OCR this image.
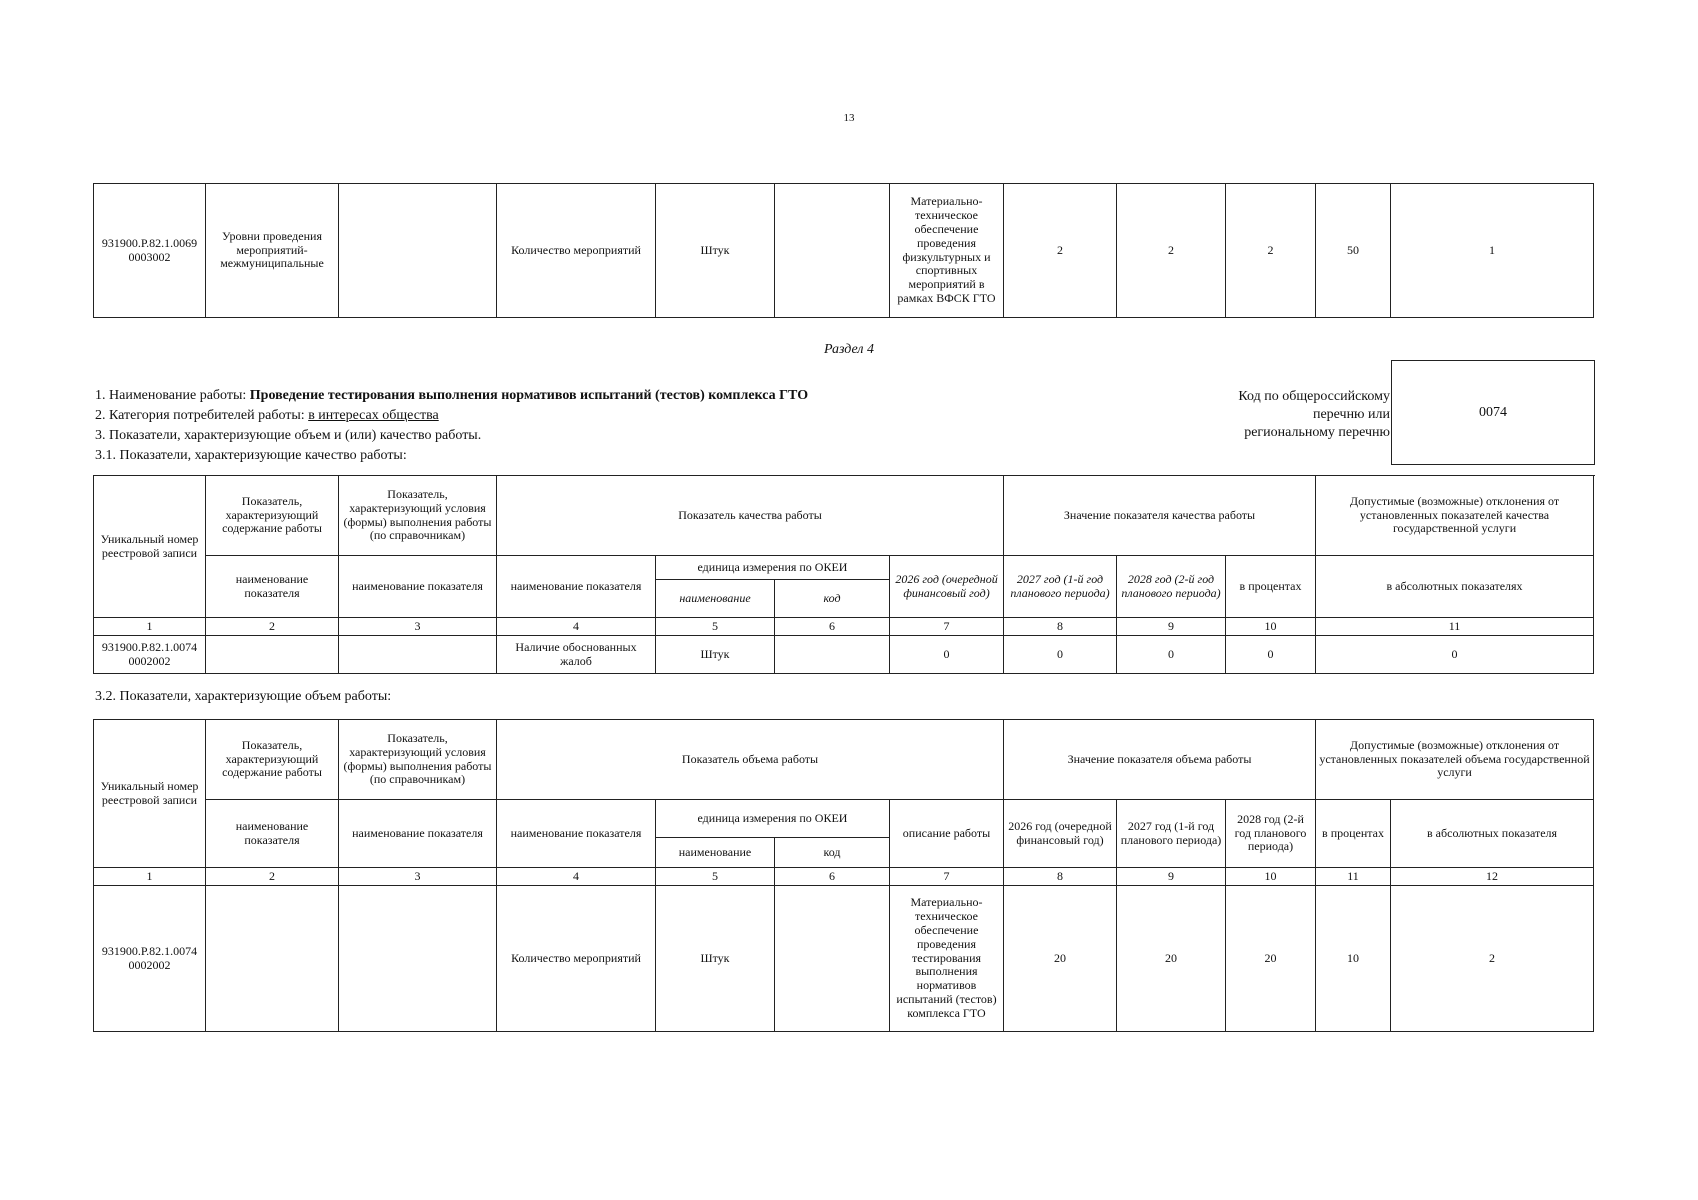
13
931900.Р.82.1.0069 0003002	Уровни проведения мероприятий-межмуниципальные		Количество мероприятий	Штук		Материально-техническое обеспечение проведения физкультурных и спортивных мероприятий в рамках ВФСК ГТО	2	2	2	50	1
Раздел 4
1. Наименование работы: Проведение тестирования выполнения нормативов испытаний (тестов) комплекса ГТО
2. Категория потребителей работы: в интересах общества
3. Показатели, характеризующие объем и (или) качество работы.
3.1. Показатели, характеризующие качество работы:
Код по общероссийскому
перечню или
региональному перечню
0074
Уникальный номер реестровой записи	Показатель, характеризующий содержание работы	Показатель, характеризующий условия (формы) выполнения работы (по справочникам)	Показатель качества работы				Значение показателя качества работы			Допустимые (возможные) отклонения от установленных показателей качества государственной услуги
	наименование показателя	наименование показателя	наименование показателя	единица измерения по ОКЕИ		2026 год (очередной финансовый год)	2027 год (1-й год планового периода)	2028 год (2-й год планового периода)	в процентах	в абсолютных показателях
				наименование	код					
1	2	3	4	5	6	7	8	9	10	11
931900.Р.82.1.0074 0002002			Наличие обоснованных жалоб	Штук		0	0	0	0	0
3.2. Показатели, характеризующие объем работы:
Уникальный номер реестровой записи	Показатель, характеризующий содержание работы	Показатель, характеризующий условия (формы) выполнения работы (по справочникам)	Показатель объема работы				Значение показателя объема работы			Допустимые (возможные) отклонения от установленных показателей объема государственной услуги	
	наименование показателя	наименование показателя	наименование показателя	единица измерения по ОКЕИ		описание работы	2026 год (очередной финансовый год)	2027 год (1-й год планового периода)	2028 год (2-й год планового периода)	в процентах	в абсолютных показателя
				наименование	код						
1	2	3	4	5	6	7	8	9	10	11	12
931900.Р.82.1.0074 0002002			Количество мероприятий	Штук		Материально-техническое обеспечение проведения тестирования выполнения нормативов испытаний (тестов) комплекса ГТО	20	20	20	10	2
